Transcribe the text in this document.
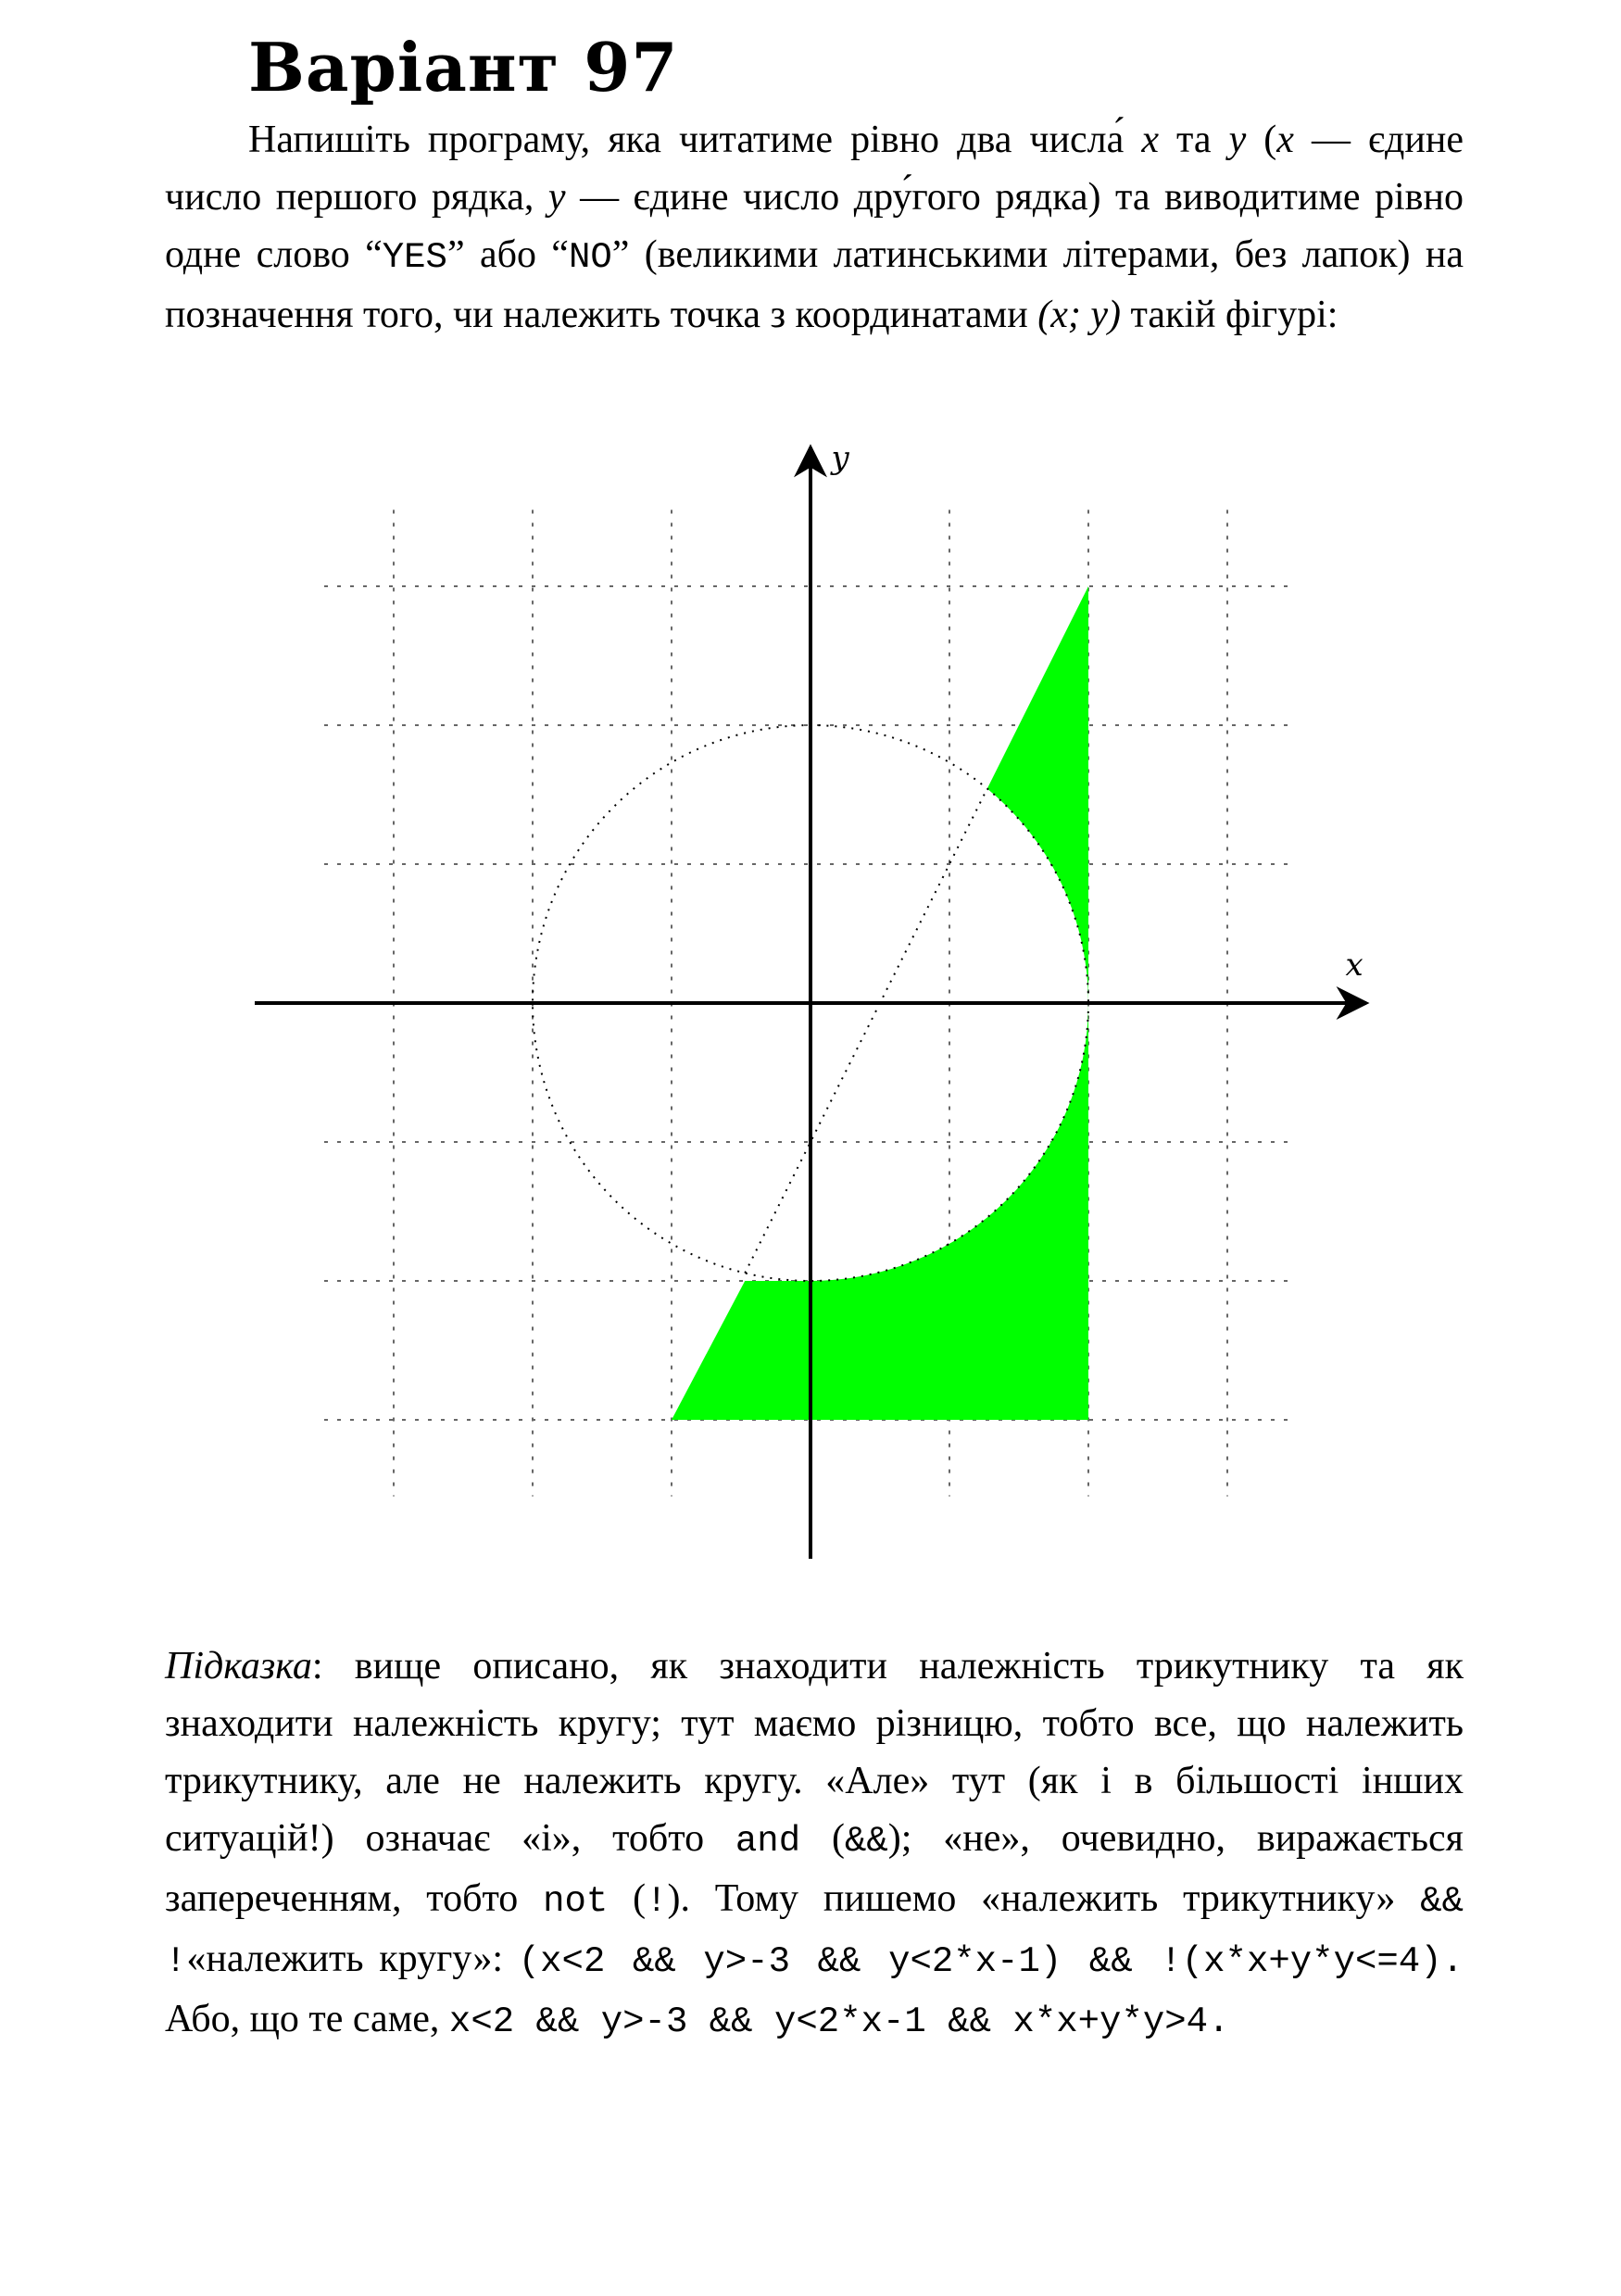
Варіант 97

Напишіть програму, яка читатиме рівно два числа́ x та y (x — єдине число першого рядка, y — єдине число дру́гого рядка) та виводитиме рівно одне слово “YES” або “NO” (великими латинськими літерами, без лапок) на позначення того, чи належить точка з координатами (x; y) такій фігурі:

x
y

Підказка: вище описано, як знаходити належність трикутнику та як знаходити належність кругу; тут маємо різницю, тобто все, що належить трикутнику, але не належить кругу. «Але» тут (як і в більшості інших ситуацій!) означає «і», тобто and (&&); «не», очевидно, виражається запереченням, тобто not (!). Тому пишемо «належить трикутнику» && !«належить кругу»: (x<2 && y>-3 && y<2*x-1) && !(x*x+y*y<=4). Або, що те саме, x<2 && y>-3 && y<2*x-1 && x*x+y*y>4.
